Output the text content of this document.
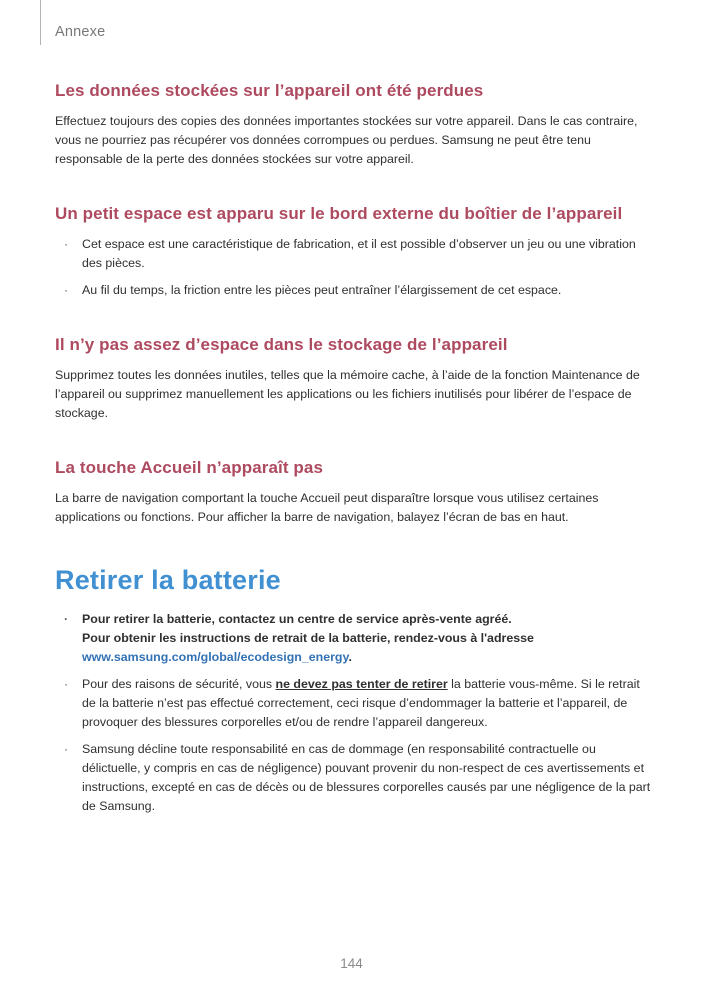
Annexe
Les données stockées sur l’appareil ont été perdues

Effectuez toujours des copies des données importantes stockées sur votre appareil. Dans le cas contraire, vous ne pourriez pas récupérer vos données corrompues ou perdues. Samsung ne peut être tenu responsable de la perte des données stockées sur votre appareil.

Un petit espace est apparu sur le bord externe du boîtier de l’appareil
· Cet espace est une caractéristique de fabrication, et il est possible d’observer un jeu ou une vibration des pièces.
· Au fil du temps, la friction entre les pièces peut entraîner l’élargissement de cet espace.
Il n’y pas assez d’espace dans le stockage de l’appareil

Supprimez toutes les données inutiles, telles que la mémoire cache, à l’aide de la fonction Maintenance de l’appareil ou supprimez manuellement les applications ou les fichiers inutilisés pour libérer de l’espace de stockage.

La touche Accueil n’apparaît pas

La barre de navigation comportant la touche Accueil peut disparaître lorsque vous utilisez certaines applications ou fonctions. Pour afficher la barre de navigation, balayez l’écran de bas en haut.

Retirer la batterie
· Pour retirer la batterie, contactez un centre de service après-vente agréé.
Pour obtenir les instructions de retrait de la batterie, rendez-vous à l'adresse
www.samsung.com/global/ecodesign_energy.
· Pour des raisons de sécurité, vous ne devez pas tenter de retirer la batterie vous-même. Si le retrait de la batterie n’est pas effectué correctement, ceci risque d’endommager la batterie et l’appareil, de provoquer des blessures corporelles et/ou de rendre l’appareil dangereux.
· Samsung décline toute responsabilité en cas de dommage (en responsabilité contractuelle ou délictuelle, y compris en cas de négligence) pouvant provenir du non-respect de ces avertissements et instructions, excepté en cas de décès ou de blessures corporelles causés par une négligence de la part de Samsung.
144
